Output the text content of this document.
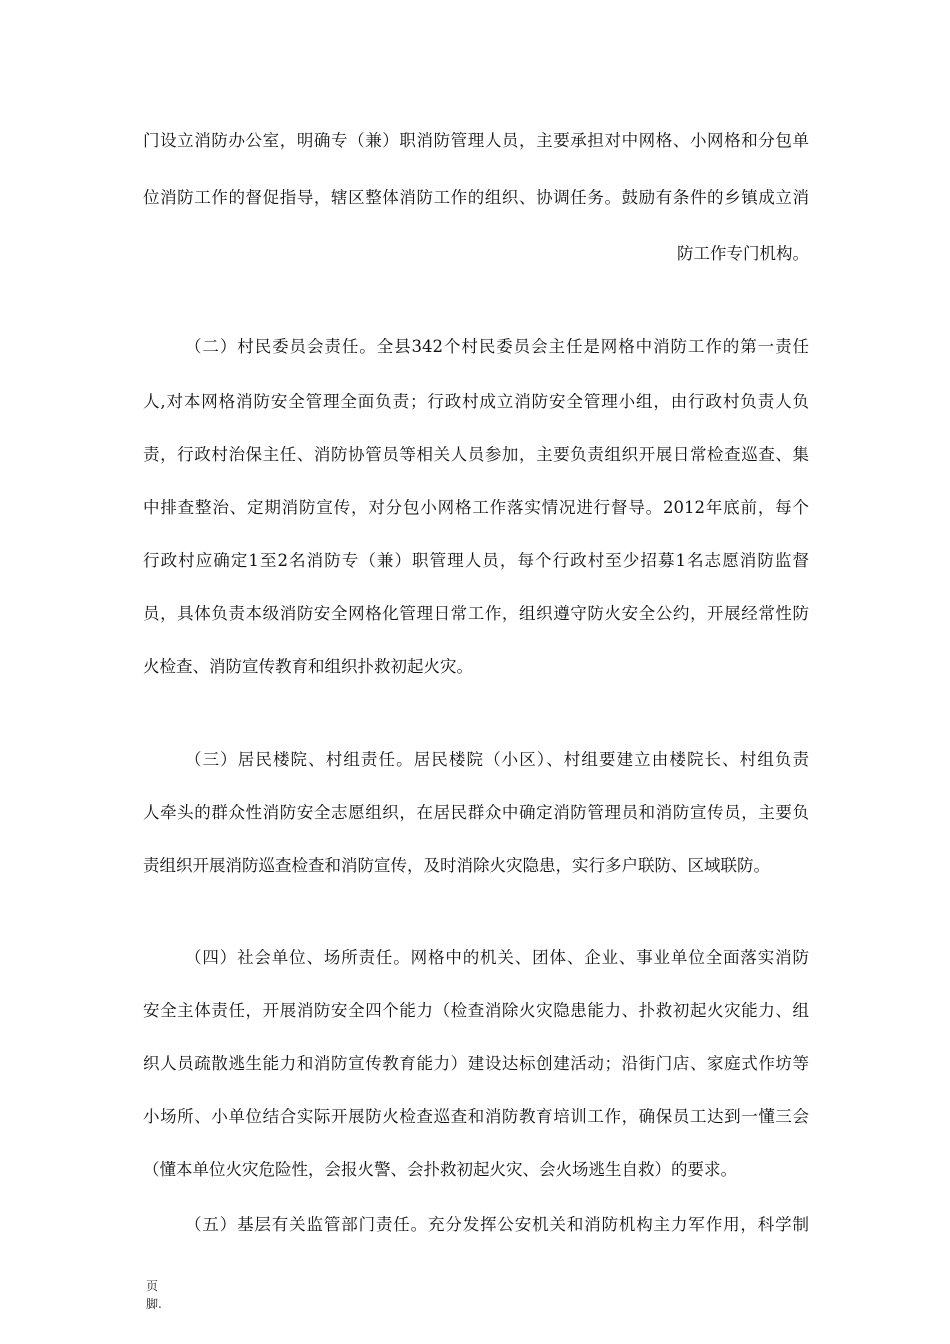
门设立消防办公室，明确专（兼）职消防管理人员，主要承担对中网格、小网格和分包单
位消防工作的督促指导，辖区整体消防工作的组织、协调任务。鼓励有条件的乡镇成立消
防工作专门机构。
（二）村民委员会责任。全县342个村民委员会主任是网格中消防工作的第一责任
人,对本网格消防安全管理全面负责；行政村成立消防安全管理小组，由行政村负责人负
责，行政村治保主任、消防协管员等相关人员参加，主要负责组织开展日常检查巡查、集
中排查整治、定期消防宣传，对分包小网格工作落实情况进行督导。2012年底前，每个
行政村应确定1至2名消防专（兼）职管理人员，每个行政村至少招募1名志愿消防监督
员，具体负责本级消防安全网格化管理日常工作，组织遵守防火安全公约，开展经常性防
火检查、消防宣传教育和组织扑救初起火灾。
（三）居民楼院、村组责任。居民楼院（小区）、村组要建立由楼院长、村组负责
人牵头的群众性消防安全志愿组织，在居民群众中确定消防管理员和消防宣传员，主要负
责组织开展消防巡查检查和消防宣传，及时消除火灾隐患，实行多户联防、区域联防。
（四）社会单位、场所责任。网格中的机关、团体、企业、事业单位全面落实消防
安全主体责任，开展消防安全四个能力（检查消除火灾隐患能力、扑救初起火灾能力、组
织人员疏散逃生能力和消防宣传教育能力）建设达标创建活动；沿街门店、家庭式作坊等
小场所、小单位结合实际开展防火检查巡查和消防教育培训工作，确保员工达到一懂三会
（懂本单位火灾危险性，会报火警、会扑救初起火灾、会火场逃生自救）的要求。
（五）基层有关监管部门责任。充分发挥公安机关和消防机构主力军作用，科学制
页
脚.
